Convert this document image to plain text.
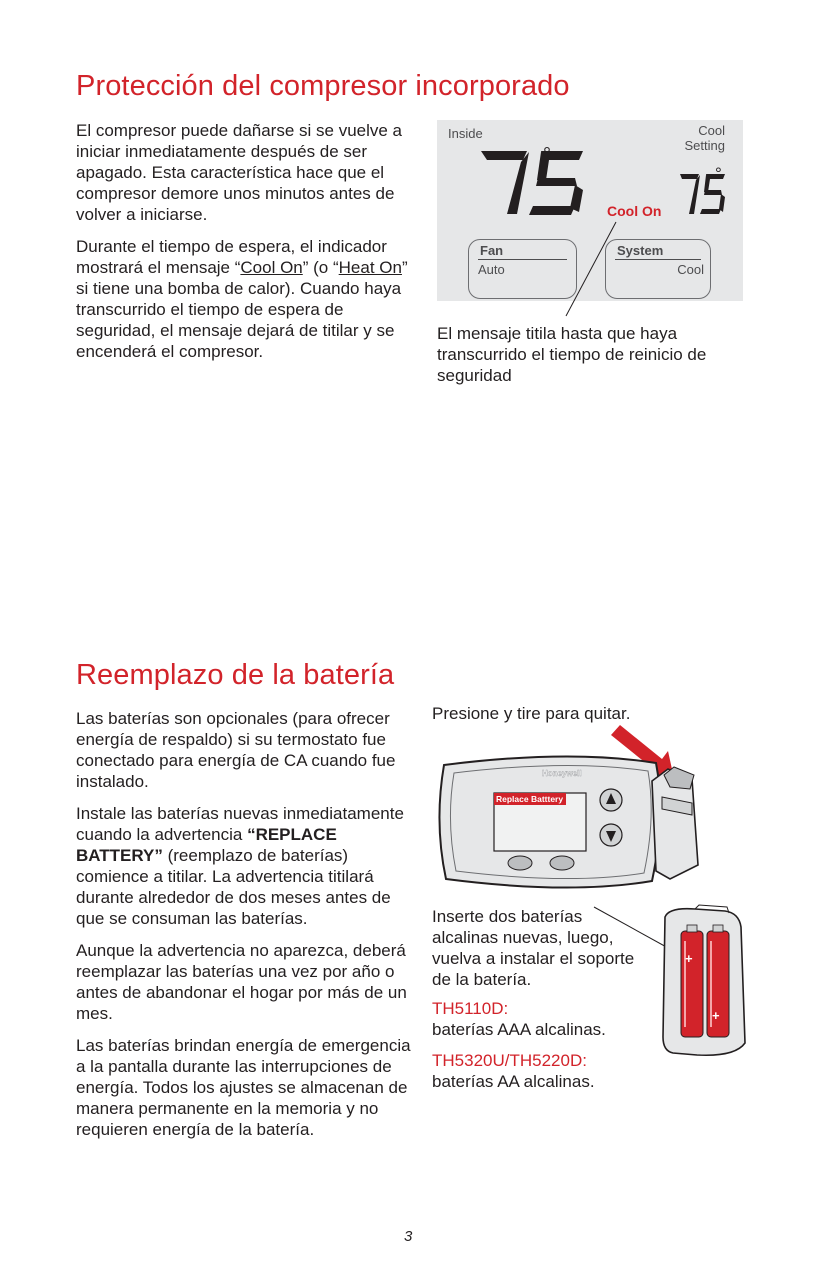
Protección del compresor incorporado

El compresor puede dañarse si se vuelve a iniciar inmediatamente después de ser apagado. Esta característica hace que el compresor demore unos minutos antes de volver a iniciarse.

Durante el tiempo de espera, el indicador mostrará el mensaje “Cool On” (o “Heat On” si tiene una bomba de calor). Cuando haya transcurrido el tiempo de espera de seguridad, el mensaje dejará de titilar y se encenderá el compresor.

Inside	Cool
Setting
°
Cool On
°
Fan
Auto
System
Cool
El mensaje titila hasta que haya transcurrido el tiempo de reinicio de seguridad
Reemplazo de la batería

Las baterías son opcionales (para ofrecer energía de respaldo) si su termostato fue conectado para energía de CA cuando fue instalado.

Instale las baterías nuevas inmediatamente cuando la advertencia “REPLACE BATTERY” (reemplazo de baterías) comience a titilar. La advertencia titilará durante alrededor de dos meses antes de que se consuman las baterías.

Aunque la advertencia no aparezca, deberá reemplazar las baterías una vez por año o antes de abandonar el hogar por más de un mes.

Las baterías brindan energía de emergencia a la pantalla durante las interrupciones de energía. Todos los ajustes se almacenan de manera permanente en la memoria y no requieren energía de la batería.

Presione y tire para quitar.
Honeywell
Replace Batttery
Inserte dos baterías alcalinas nuevas, luego, vuelva a instalar el soporte de la batería.
TH5110D:
baterías AAA alcalinas.
TH5320U/TH5220D:
baterías AA alcalinas.
+
+
3
